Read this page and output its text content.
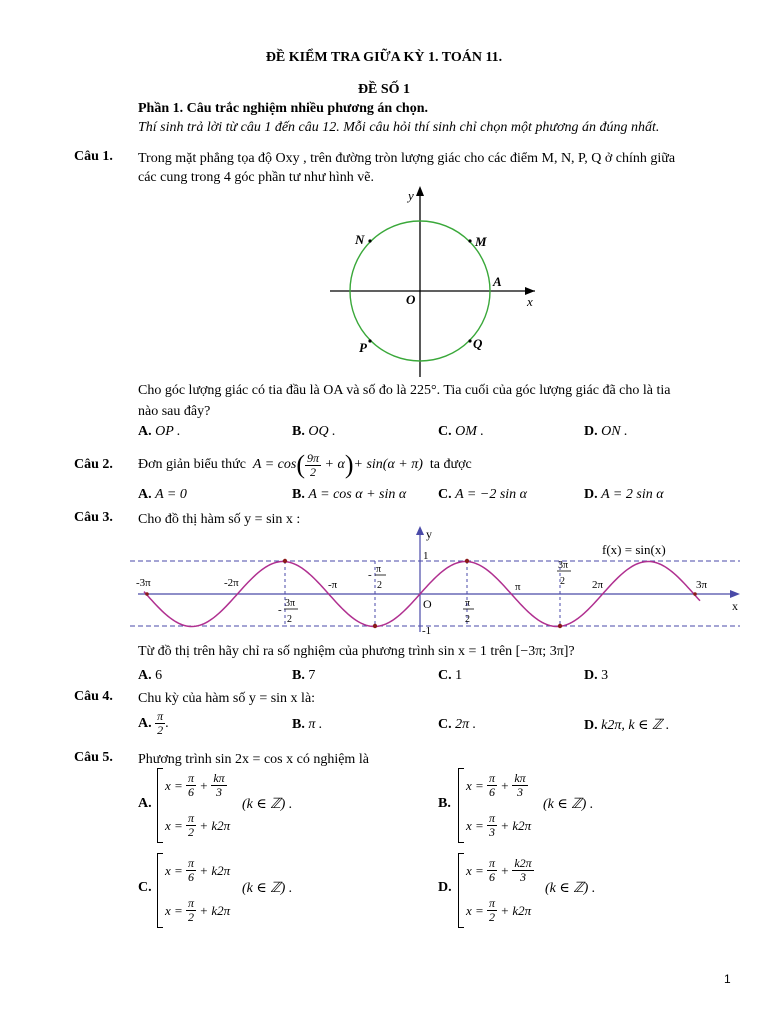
ĐỀ KIỂM TRA GIỮA KỲ 1. TOÁN 11.
ĐỀ SỐ 1
Phần 1. Câu trắc nghiệm nhiều phương án chọn.
Thí sinh trả lời từ câu 1 đến câu 12. Mỗi câu hỏi thí sinh chỉ chọn một phương án đúng nhất.
Câu 1. Trong mặt phẳng tọa độ Oxy , trên đường tròn lượng giác cho các điểm M, N, P, Q ở chính giữa
các cung trong 4 góc phần tư như hình vẽ.
y
x
O
A
M
N
P	Q
Cho góc lượng giác có tia đầu là OA và số đo là 225°. Tia cuối của góc lượng giác đã cho là tia
nào sau đây?
A. OP .	B. OQ .	C. OM .	D. ON .
Câu 2. Đơn giản biểu thức
A = cos ( $\frac{9\pi}{2}$
+ α ) + sin(α + π)
ta được
A. A = 0	B. A = cos α + sin α C. A = −2 sin α	D. A = 2 sin α
Câu 3. Cho đồ thị hàm số y = sin x :
f(x) = sin(x)
x
y
O
1
-1
-3π	-2π	-π	π	2π	3π
- π
2
-
3π
2
π
2
3π
2
Từ đồ thị trên hãy chỉ ra số nghiệm của phương trình sin x = 1 trên [−3π; 3π]?
A. 6	B. 7	C. 1	D. 3
Câu 4. Chu kỳ của hàm số y = sin x là:
A.
$\frac{\pi}{2}$ .	B. π .	C. 2π .	D. k2π, k ∈ ℤ .
Câu 5. Phương trình sin 2x = cos x có nghiệm là
A.
x =
$\frac{\pi}{6}$
+
$\frac{k\pi}{3}$
x =
$\frac{\pi}{2}$
+ k2π
(k ∈ ℤ) .	B.
x =
$\frac{\pi}{6}$
+
$\frac{k\pi}{3}$
x =
$\frac{\pi}{3}$
+ k2π
(k ∈ ℤ) .
C.
x =
$\frac{\pi}{6}$
+ k2π
x =
$\frac{\pi}{2}$
+ k2π
(k ∈ ℤ) .	D.
x =
$\frac{\pi}{6}$
+
$\frac{k2\pi}{3}$
x =
$\frac{\pi}{2}$
+ k2π
(k ∈ ℤ) .
1
